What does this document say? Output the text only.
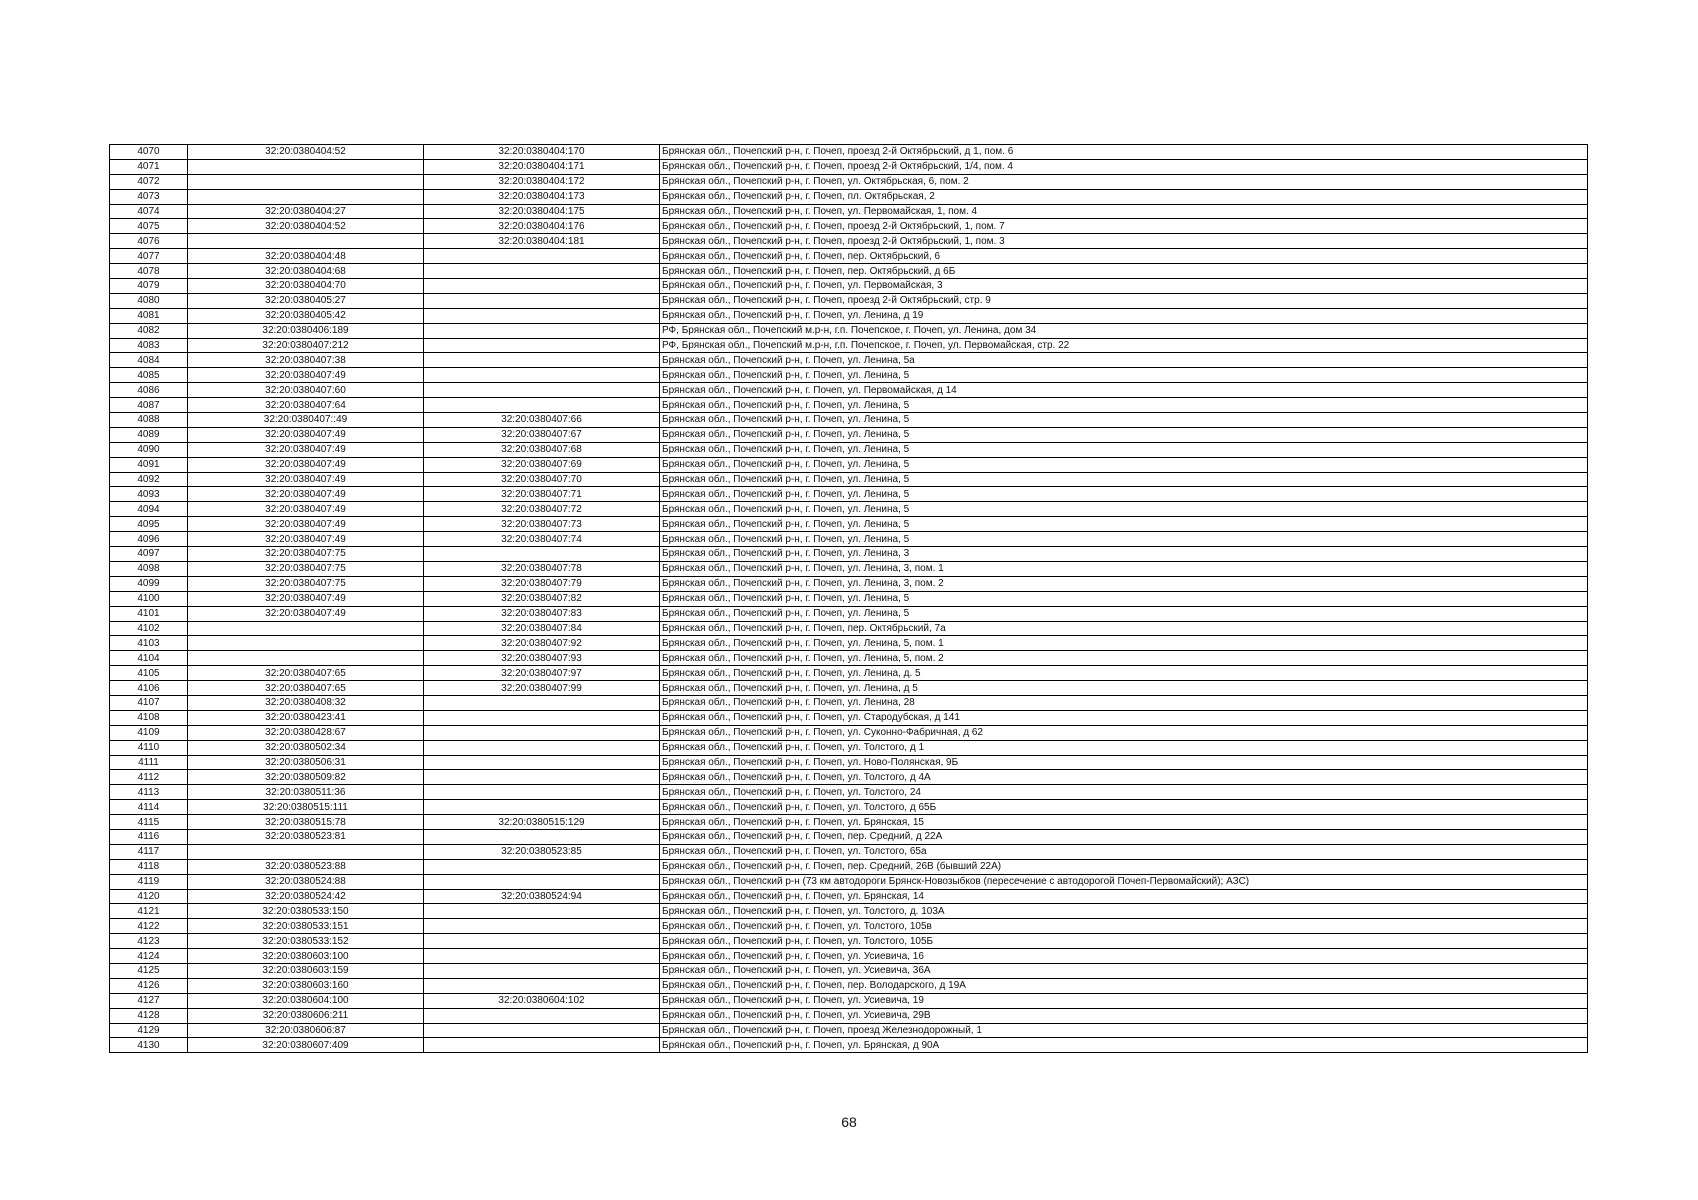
4070	32:20:0380404:52	32:20:0380404:170	Брянская обл., Почепский р-н, г. Почеп, проезд 2-й Октябрьский, д 1, пом. 6
4071		32:20:0380404:171	Брянская обл., Почепский р-н, г. Почеп, проезд 2-й Октябрьский, 1/4, пом. 4
4072		32:20:0380404:172	Брянская обл., Почепский р-н, г. Почеп, ул. Октябрьская, 6, пом. 2
4073		32:20:0380404:173	Брянская обл., Почепский р-н, г. Почеп, пл. Октябрьская, 2
4074	32:20:0380404:27	32:20:0380404:175	Брянская обл., Почепский р-н, г. Почеп, ул. Первомайская, 1, пом. 4
4075	32:20:0380404:52	32:20:0380404:176	Брянская обл., Почепский р-н, г. Почеп, проезд 2-й Октябрьский, 1, пом. 7
4076		32:20:0380404:181	Брянская обл., Почепский р-н, г. Почеп, проезд 2-й Октябрьский, 1, пом. 3
4077	32:20:0380404:48		Брянская обл., Почепский р-н, г. Почеп, пер. Октябрьский, 6
4078	32:20:0380404:68		Брянская обл., Почепский р-н, г. Почеп, пер. Октябрьский, д 6Б
4079	32:20:0380404:70		Брянская обл., Почепский р-н, г. Почеп, ул. Первомайская, 3
4080	32:20:0380405:27		Брянская обл., Почепский р-н, г. Почеп, проезд 2-й Октябрьский, стр. 9
4081	32:20:0380405:42		Брянская обл., Почепский р-н, г. Почеп, ул. Ленина, д 19
4082	32:20:0380406:189		РФ, Брянская обл., Почепский м.р-н, г.п. Почепское, г. Почеп, ул. Ленина, дом 34
4083	32:20:0380407:212		РФ, Брянская обл., Почепский м.р-н, г.п. Почепское, г. Почеп, ул. Первомайская, стр. 22
4084	32:20:0380407:38		Брянская обл., Почепский р-н, г. Почеп, ул. Ленина, 5а
4085	32:20:0380407:49		Брянская обл., Почепский р-н, г. Почеп, ул. Ленина, 5
4086	32:20:0380407:60		Брянская обл., Почепский р-н, г. Почеп, ул. Первомайская, д 14
4087	32:20:0380407:64		Брянская обл., Почепский р-н, г. Почеп, ул. Ленина, 5
4088	32:20:0380407::49	32:20:0380407:66	Брянская обл., Почепский р-н, г. Почеп, ул. Ленина, 5
4089	32:20:0380407:49	32:20:0380407:67	Брянская обл., Почепский р-н, г. Почеп, ул. Ленина, 5
4090	32:20:0380407:49	32:20:0380407:68	Брянская обл., Почепский р-н, г. Почеп, ул. Ленина, 5
4091	32:20:0380407:49	32:20:0380407:69	Брянская обл., Почепский р-н, г. Почеп, ул. Ленина, 5
4092	32:20:0380407:49	32:20:0380407:70	Брянская обл., Почепский р-н, г. Почеп, ул. Ленина, 5
4093	32:20:0380407:49	32:20:0380407:71	Брянская обл., Почепский р-н, г. Почеп, ул. Ленина, 5
4094	32:20:0380407:49	32:20:0380407:72	Брянская обл., Почепский р-н, г. Почеп, ул. Ленина, 5
4095	32:20:0380407:49	32:20:0380407:73	Брянская обл., Почепский р-н, г. Почеп, ул. Ленина, 5
4096	32:20:0380407:49	32:20:0380407:74	Брянская обл., Почепский р-н, г. Почеп, ул. Ленина, 5
4097	32:20:0380407:75		Брянская обл., Почепский р-н, г. Почеп, ул. Ленина, 3
4098	32:20:0380407:75	32:20:0380407:78	Брянская обл., Почепский р-н, г. Почеп, ул. Ленина, 3, пом. 1
4099	32:20:0380407:75	32:20:0380407:79	Брянская обл., Почепский р-н, г. Почеп, ул. Ленина, 3, пом. 2
4100	32:20:0380407:49	32:20:0380407:82	Брянская обл., Почепский р-н, г. Почеп, ул. Ленина, 5
4101	32:20:0380407:49	32:20:0380407:83	Брянская обл., Почепский р-н, г. Почеп, ул. Ленина, 5
4102		32:20:0380407:84	Брянская обл., Почепский р-н, г. Почеп, пер. Октябрьский, 7а
4103		32:20:0380407:92	Брянская обл., Почепский р-н, г. Почеп, ул. Ленина, 5, пом. 1
4104		32:20:0380407:93	Брянская обл., Почепский р-н, г. Почеп, ул. Ленина, 5, пом. 2
4105	32:20:0380407:65	32:20:0380407:97	Брянская обл., Почепский р-н, г. Почеп, ул. Ленина, д. 5
4106	32:20:0380407:65	32:20:0380407:99	Брянская обл., Почепский р-н, г. Почеп, ул. Ленина, д 5
4107	32:20:0380408:32		Брянская обл., Почепский р-н, г. Почеп, ул. Ленина, 28
4108	32:20:0380423:41		Брянская обл., Почепский р-н, г. Почеп, ул. Стародубская, д 141
4109	32:20:0380428:67		Брянская обл., Почепский р-н, г. Почеп, ул. Суконно-Фабричная, д 62
4110	32:20:0380502:34		Брянская обл., Почепский р-н, г. Почеп, ул. Толстого, д 1
4111	32:20:0380506:31		Брянская обл., Почепский р-н, г. Почеп, ул. Ново-Полянская, 9Б
4112	32:20:0380509:82		Брянская обл., Почепский р-н, г. Почеп, ул. Толстого, д 4А
4113	32:20:0380511:36		Брянская обл., Почепский р-н, г. Почеп, ул. Толстого, 24
4114	32:20:0380515:111		Брянская обл., Почепский р-н, г. Почеп, ул. Толстого, д 65Б
4115	32:20:0380515:78	32:20:0380515:129	Брянская обл., Почепский р-н, г. Почеп, ул. Брянская, 15
4116	32:20:0380523:81		Брянская обл., Почепский р-н, г. Почеп, пер. Средний, д 22А
4117		32:20:0380523:85	Брянская обл., Почепский р-н, г. Почеп, ул. Толстого, 65а
4118	32:20:0380523:88		Брянская обл., Почепский р-н, г. Почеп, пер. Средний, 26В (бывший 22А)
4119	32:20:0380524:88		Брянская обл., Почепский р-н (73 км автодороги Брянск-Новозыбков (пересечение с автодорогой Почеп-Первомайский); АЗС)
4120	32:20:0380524:42	32:20:0380524:94	Брянская обл., Почепский р-н, г. Почеп, ул. Брянская, 14
4121	32:20:0380533:150		Брянская обл., Почепский р-н, г. Почеп, ул. Толстого, д. 103А
4122	32:20:0380533:151		Брянская обл., Почепский р-н, г. Почеп, ул. Толстого, 105в
4123	32:20:0380533:152		Брянская обл., Почепский р-н, г. Почеп, ул. Толстого, 105Б
4124	32:20:0380603:100		Брянская обл., Почепский р-н, г. Почеп, ул. Усиевича, 16
4125	32:20:0380603:159		Брянская обл., Почепский р-н, г. Почеп, ул. Усиевича, 36А
4126	32:20:0380603:160		Брянская обл., Почепский р-н, г. Почеп, пер. Володарского, д 19А
4127	32:20:0380604:100	32:20:0380604:102	Брянская обл., Почепский р-н, г. Почеп, ул. Усиевича, 19
4128	32:20:0380606:211		Брянская обл., Почепский р-н, г. Почеп, ул. Усиевича, 29В
4129	32:20:0380606:87		Брянская обл., Почепский р-н, г. Почеп, проезд Железнодорожный, 1
4130	32:20:0380607:409		Брянская обл., Почепский р-н, г. Почеп, ул. Брянская, д 90А
68
